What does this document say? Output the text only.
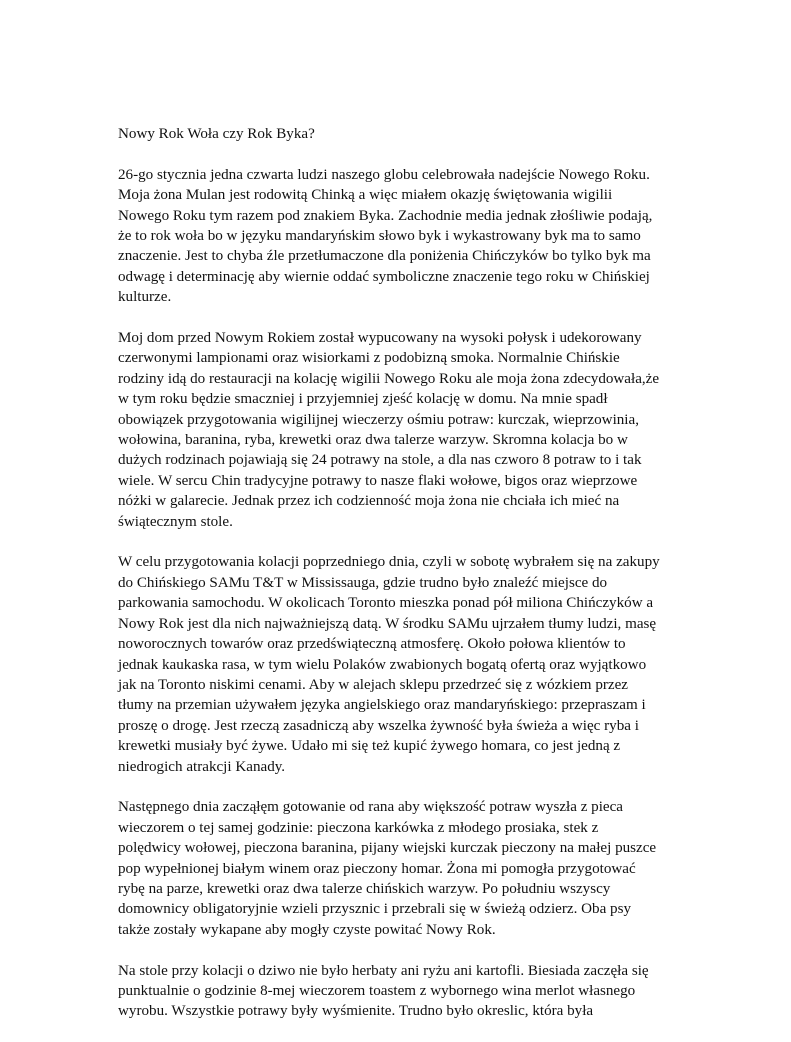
Nowy Rok Woła czy Rok Byka?
26-go stycznia jedna czwarta ludzi naszego globu celebrowała nadejście Nowego Roku.
Moja żona Mulan jest rodowitą Chinką a więc miałem okazję świętowania wigilii
Nowego Roku tym razem pod znakiem Byka. Zachodnie media jednak złośliwie podają,
że to rok woła bo w języku mandaryńskim słowo byk i wykastrowany byk ma to samo
znaczenie. Jest to chyba źle przetłumaczone dla poniżenia Chińczyków bo tylko byk ma
odwagę i determinację aby wiernie oddać symboliczne znaczenie tego roku w Chińskiej
kulturze.
Moj dom przed Nowym Rokiem został wypucowany na wysoki połysk i udekorowany
czerwonymi lampionami oraz wisiorkami z podobizną smoka. Normalnie Chińskie
rodziny idą do restauracji na kolację wigilii Nowego Roku ale moja żona zdecydowała,że
w tym roku będzie smaczniej i przyjemniej zjeść kolację w domu. Na mnie spadł
obowiązek przygotowania wigilijnej wieczerzy ośmiu potraw: kurczak, wieprzowinia,
wołowina, baranina, ryba, krewetki oraz dwa talerze warzyw. Skromna kolacja bo w
dużych rodzinach pojawiają się 24 potrawy na stole, a dla nas czworo 8 potraw to i tak
wiele. W sercu Chin tradycyjne potrawy to nasze flaki wołowe, bigos oraz wieprzowe
nóżki w galarecie. Jednak przez ich codzienność moja żona nie chciała ich mieć na
świątecznym stole.
W celu przygotowania kolacji poprzedniego dnia, czyli w sobotę wybrałem się na zakupy
do Chińskiego SAMu T&T w Mississauga, gdzie trudno było znaleźć miejsce do
parkowania samochodu. W okolicach Toronto mieszka ponad pół miliona Chińczyków a
Nowy Rok jest dla nich najważniejszą datą. W środku SAMu ujrzałem tłumy ludzi, masę
noworocznych towarów oraz przedświąteczną atmosferę. Około połowa klientów to
jednak kaukaska rasa, w tym wielu Polaków zwabionych bogatą ofertą oraz wyjątkowo
jak na Toronto niskimi cenami. Aby w alejach sklepu przedrzeć się z wózkiem przez
tłumy na przemian używałem języka angielskiego oraz mandaryńskiego: przepraszam i
proszę o drogę. Jest rzeczą zasadniczą aby wszelka żywność była świeża a więc ryba i
krewetki musiały być żywe. Udało mi się też kupić żywego homara, co jest jedną z
niedrogich atrakcji Kanady.
Następnego dnia zacząłęm gotowanie od rana aby większość potraw wyszła z pieca
wieczorem o tej samej godzinie: pieczona karkówka z młodego prosiaka, stek z
polędwicy wołowej, pieczona baranina, pijany wiejski kurczak pieczony na małej puszce
pop wypełnionej białym winem oraz pieczony homar. Żona mi pomogła przygotować
rybę na parze, krewetki oraz dwa talerze chińskich warzyw. Po południu wszyscy
domownicy obligatoryjnie wzieli przysznic i przebrali się w świeżą odzierz. Oba psy
także zostały wykapane aby mogły czyste powitać Nowy Rok.
Na stole przy kolacji o dziwo nie było herbaty ani ryżu ani kartofli. Biesiada zaczęła się
punktualnie o godzinie 8-mej wieczorem toastem z wybornego wina merlot własnego
wyrobu. Wszystkie potrawy były wyśmienite. Trudno było okreslic, która była
